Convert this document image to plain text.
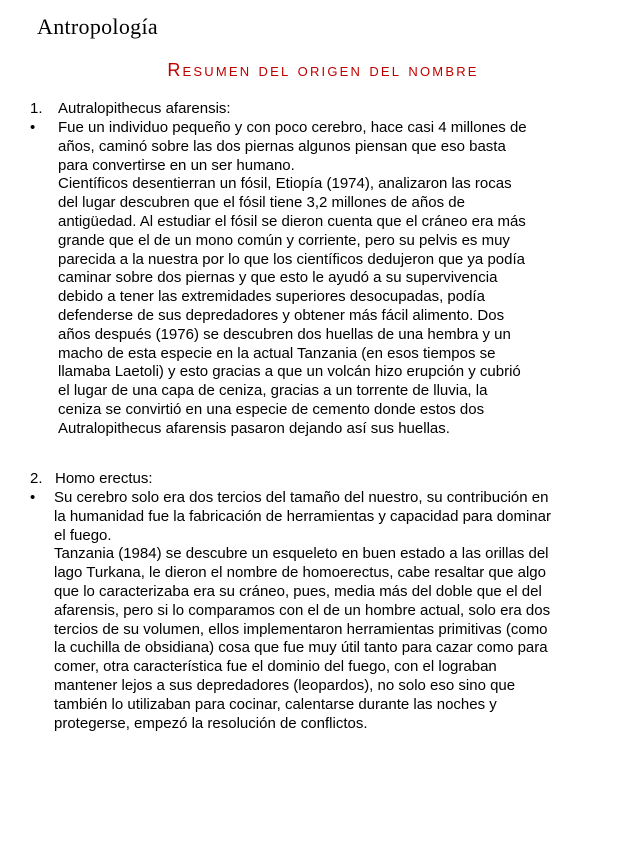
Antropología
Resumen del origen del nombre
1. Autralopithecus afarensis:
• Fue un individuo pequeño y con poco cerebro, hace casi 4 millones de
años, caminó sobre las dos piernas algunos piensan que eso basta
para convertirse en un ser humano.
Científicos desentierran un fósil, Etiopía (1974), analizaron las rocas
del lugar descubren que el fósil tiene 3,2 millones de años de
antigüedad. Al estudiar el fósil se dieron cuenta que el cráneo era más
grande que el de un mono común y corriente, pero su pelvis es muy
parecida a la nuestra por lo que los científicos dedujeron que ya podía
caminar sobre dos piernas y que esto le ayudó a su supervivencia
debido a tener las extremidades superiores desocupadas, podía
defenderse de sus depredadores y obtener más fácil alimento. Dos
años después (1976) se descubren dos huellas de una hembra y un
macho de esta especie en la actual Tanzania (en esos tiempos se
llamaba Laetoli) y esto gracias a que un volcán hizo erupción y cubrió
el lugar de una capa de ceniza, gracias a un torrente de lluvia, la
ceniza se convirtió en una especie de cemento donde estos dos
Autralopithecus afarensis pasaron dejando así sus huellas.

2. Homo erectus:
• Su cerebro solo era dos tercios del tamaño del nuestro, su contribución en
la humanidad fue la fabricación de herramientas y capacidad para dominar
el fuego.
Tanzania (1984) se descubre un esqueleto en buen estado a las orillas del
lago Turkana, le dieron el nombre de homoerectus, cabe resaltar que algo
que lo caracterizaba era su cráneo, pues, media más del doble que el del
afarensis, pero si lo comparamos con el de un hombre actual, solo era dos
tercios de su volumen, ellos implementaron herramientas primitivas (como
la cuchilla de obsidiana) cosa que fue muy útil tanto para cazar como para
comer, otra característica fue el dominio del fuego, con el lograban
mantener lejos a sus depredadores (leopardos), no solo eso sino que
también lo utilizaban para cocinar, calentarse durante las noches y
protegerse, empezó la resolución de conflictos.
